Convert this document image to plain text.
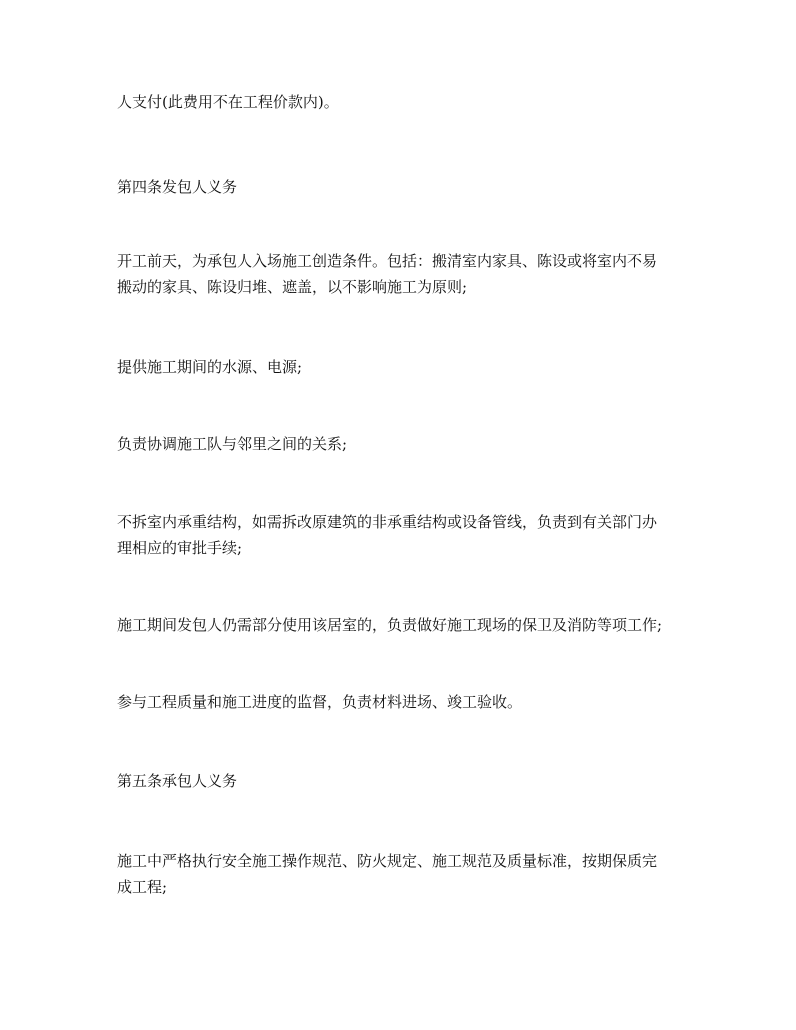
人支付(此费用不在工程价款内)。

第四条发包人义务

开工前天，为承包人入场施工创造条件。包括：搬清室内家具、陈设或将室内不易
搬动的家具、陈设归堆、遮盖，以不影响施工为原则;

提供施工期间的水源、电源;

负责协调施工队与邻里之间的关系;

不拆室内承重结构，如需拆改原建筑的非承重结构或设备管线，负责到有关部门办
理相应的审批手续;

施工期间发包人仍需部分使用该居室的，负责做好施工现场的保卫及消防等项工作;

参与工程质量和施工进度的监督，负责材料进场、竣工验收。

第五条承包人义务

施工中严格执行安全施工操作规范、防火规定、施工规范及质量标准，按期保质完
成工程;
